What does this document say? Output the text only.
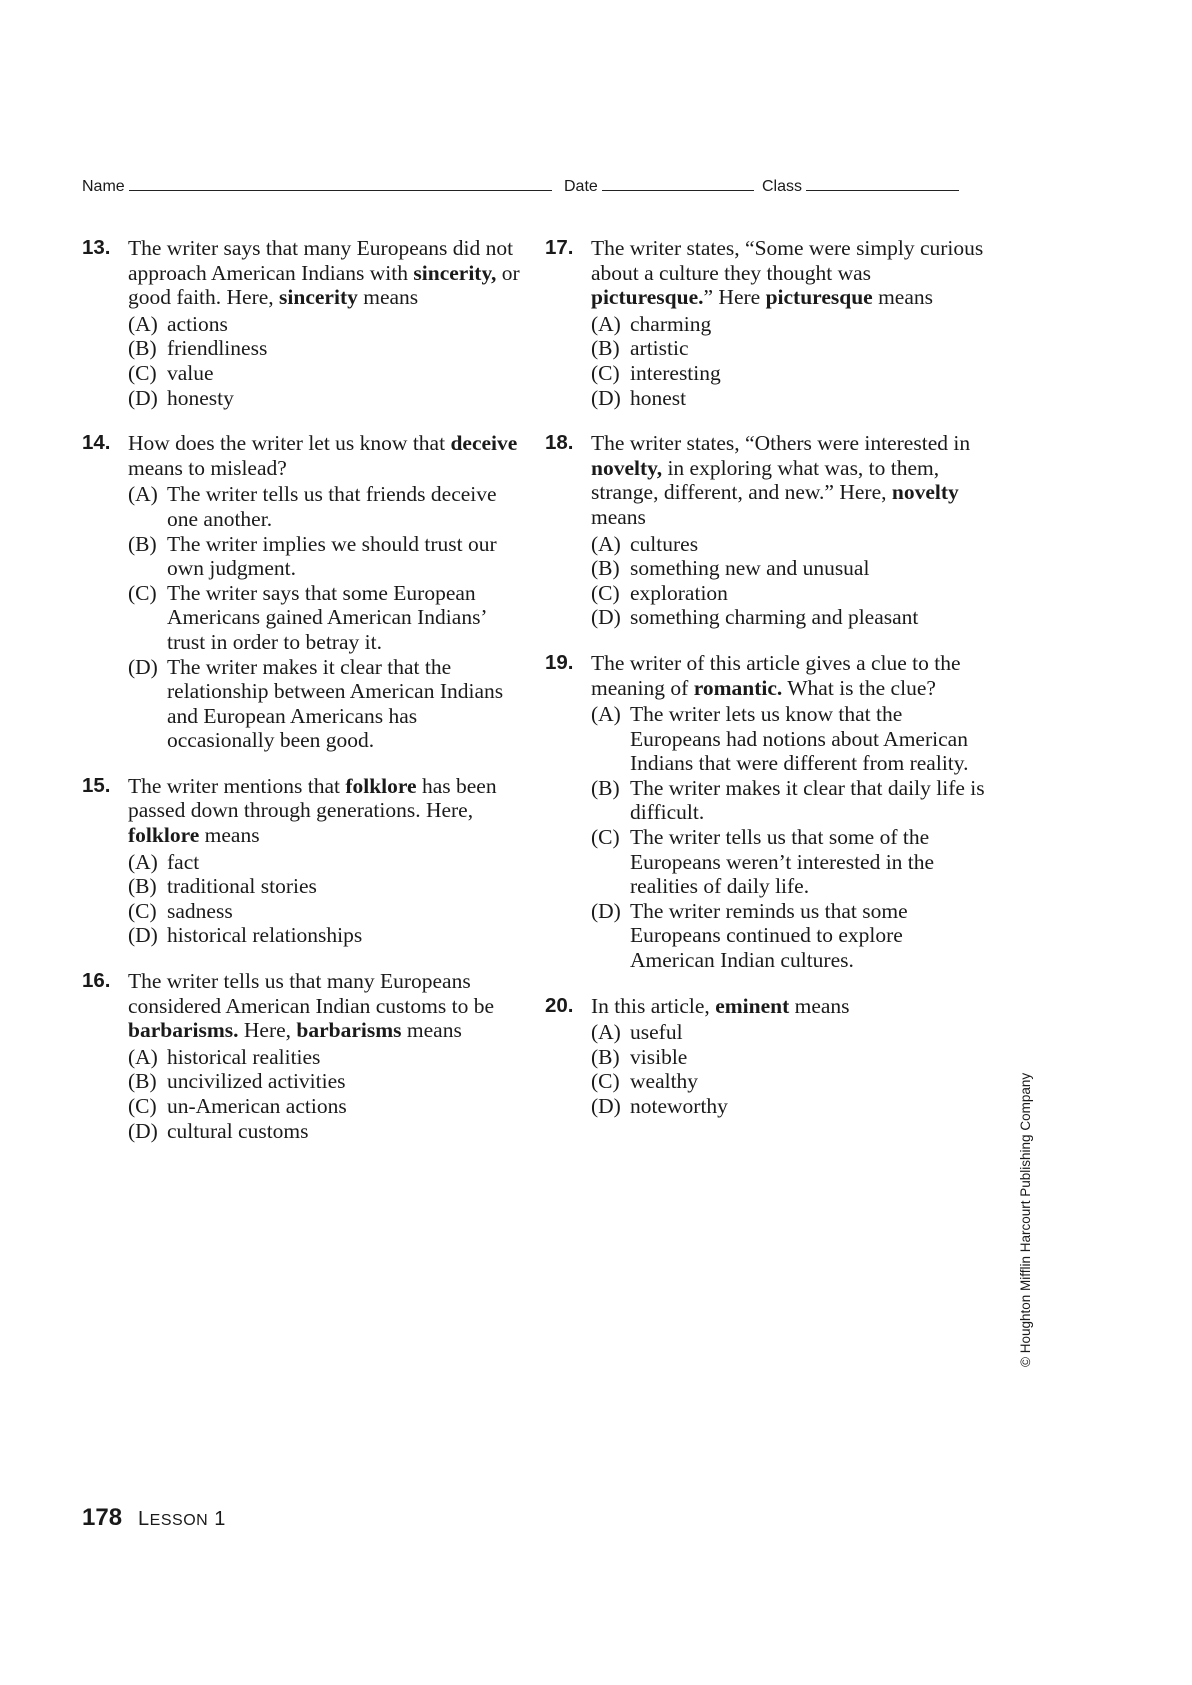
Name	Date	Class
13. The writer says that many Europeans did not approach American Indians with sincerity, or good faith. Here, sincerity means
(A) actions
(B) friendliness
(C) value
(D) honesty
14. How does the writer let us know that deceive means to mislead?
(A) The writer tells us that friends deceive one another.
(B) The writer implies we should trust our own judgment.
(C) The writer says that some European Americans gained American Indians’ trust in order to betray it.
(D) The writer makes it clear that the relationship between American Indians and European Americans has occasionally been good.
15. The writer mentions that folklore has been passed down through generations. Here, folklore means
(A) fact
(B) traditional stories
(C) sadness
(D) historical relationships
16. The writer tells us that many Europeans considered American Indian customs to be barbarisms. Here, barbarisms means
(A) historical realities
(B) uncivilized activities
(C) un-American actions
(D) cultural customs
17. The writer states, “Some were simply curious about a culture they thought was picturesque.” Here picturesque means
(A) charming
(B) artistic
(C) interesting
(D) honest
18. The writer states, “Others were interested in novelty, in exploring what was, to them, strange, different, and new.” Here, novelty means
(A) cultures
(B) something new and unusual
(C) exploration
(D) something charming and pleasant
19. The writer of this article gives a clue to the meaning of romantic. What is the clue?
(A) The writer lets us know that the Europeans had notions about American Indians that were different from reality.
(B) The writer makes it clear that daily life is difficult.
(C) The writer tells us that some of the Europeans weren’t interested in the realities of daily life.
(D) The writer reminds us that some Europeans continued to explore American Indian cultures.
20. In this article, eminent means
(A) useful
(B) visible
(C) wealthy
(D) noteworthy	© Houghton Mifflin Harcourt Publishing Company
178 LESSON 1
